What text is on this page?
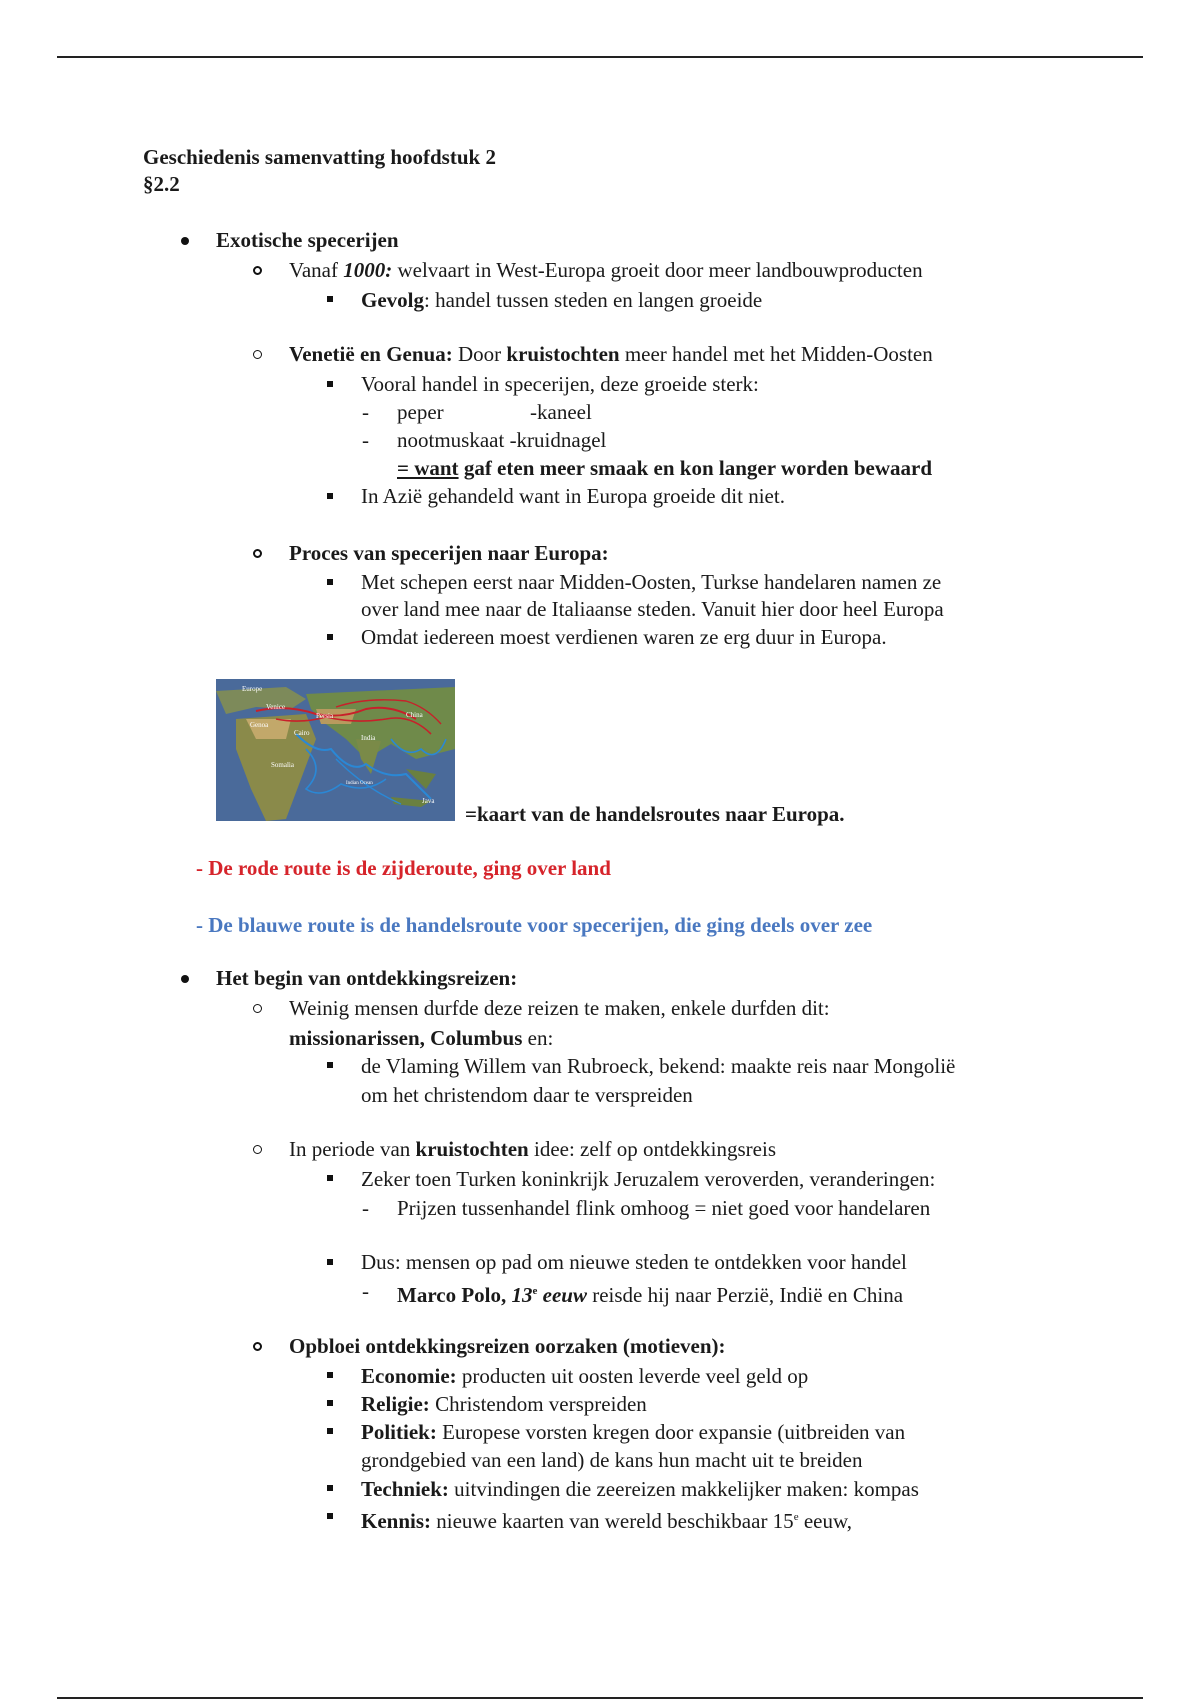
Geschiedenis samenvatting hoofdstuk 2
§2.2
Exotische specerijen
Vanaf 1000: welvaart in West-Europa groeit door meer landbouwproducten
Gevolg: handel tussen steden en langen groeide
Venetië en Genua: Door kruistochten meer handel met het Midden-Oosten
Vooral handel in specerijen, deze groeide sterk:
- peper	-kaneel
- nootmuskaat -kruidnagel
= want gaf eten meer smaak en kon langer worden bewaard
In Azië gehandeld want in Europa groeide dit niet.
Proces van specerijen naar Europa:
Met schepen eerst naar Midden-Oosten, Turkse handelaren namen ze
over land mee naar de Italiaanse steden. Vanuit hier door heel Europa
Omdat iedereen moest verdienen waren ze erg duur in Europa.
Europe
Venice
Genoa
Persia
Cairo
China
India
Somalia
Indian Ocean
Java
=kaart van de handelsroutes naar Europa.
- De rode route is de zijderoute, ging over land
- De blauwe route is de handelsroute voor specerijen, die ging deels over zee
Het begin van ontdekkingsreizen:
Weinig mensen durfde deze reizen te maken, enkele durfden dit:
missionarissen, Columbus en:
de Vlaming Willem van Rubroeck, bekend: maakte reis naar Mongolië
om het christendom daar te verspreiden
In periode van kruistochten idee: zelf op ontdekkingsreis
Zeker toen Turken koninkrijk Jeruzalem veroverden, veranderingen:
- Prijzen tussenhandel flink omhoog = niet goed voor handelaren
Dus: mensen op pad om nieuwe steden te ontdekken voor handel
- Marco Polo, 13e eeuw reisde hij naar Perzië, Indië en China
Opbloei ontdekkingsreizen oorzaken (motieven):
Economie: producten uit oosten leverde veel geld op
Religie: Christendom verspreiden
Politiek: Europese vorsten kregen door expansie (uitbreiden van
grondgebied van een land) de kans hun macht uit te breiden
Techniek: uitvindingen die zeereizen makkelijker maken: kompas
Kennis: nieuwe kaarten van wereld beschikbaar 15e eeuw,
